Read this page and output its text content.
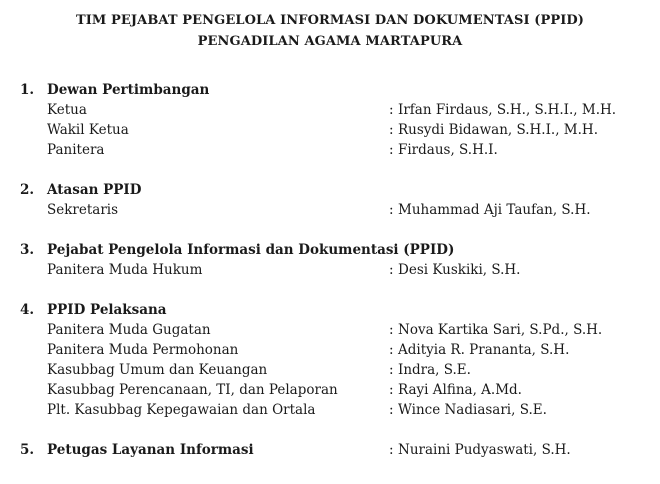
TIM PEJABAT PENGELOLA INFORMASI DAN DOKUMENTASI (PPID)
PENGADILAN AGAMA MARTAPURA
1. Dewan Pertimbangan
Ketua	: Irfan Firdaus, S.H., S.H.I., M.H.
Wakil Ketua	: Rusydi Bidawan, S.H.I., M.H.
Panitera	: Firdaus, S.H.I.
2. Atasan PPID
Sekretaris	: Muhammad Aji Taufan, S.H.
3. Pejabat Pengelola Informasi dan Dokumentasi (PPID)
Panitera Muda Hukum	: Desi Kuskiki, S.H.
4. PPID Pelaksana
Panitera Muda Gugatan	: Nova Kartika Sari, S.Pd., S.H.
Panitera Muda Permohonan	: Adityia R. Prananta, S.H.
Kasubbag Umum dan Keuangan	: Indra, S.E.
Kasubbag Perencanaan, TI, dan Pelaporan	: Rayi Alfina, A.Md.
Plt. Kasubbag Kepegawaian dan Ortala	: Wince Nadiasari, S.E.
5. Petugas Layanan Informasi	: Nuraini Pudyaswati, S.H.
